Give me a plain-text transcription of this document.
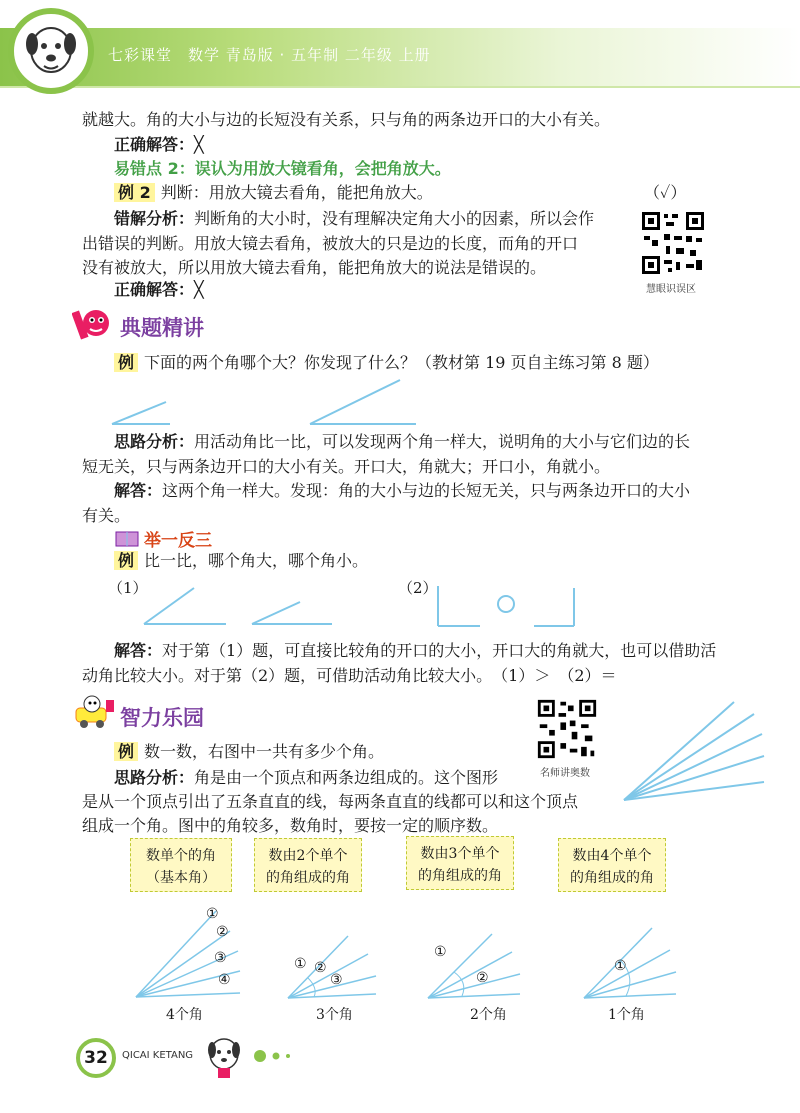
七彩课堂　数学 青岛版 · 五年制 二年级 上册
就越大。角的大小与边的长短没有关系，只与角的两条边开口的大小有关。
正确解答：╳
易错点 2：误认为用放大镜看角，会把角放大。
例 2 判断：用放大镜去看角，能把角放大。	（✓）
错解分析：判断角的大小时，没有理解决定角大小的因素，所以会作
出错误的判断。用放大镜去看角，被放大的只是边的长度，而角的开口
没有被放大，所以用放大镜去看角，能把角放大的说法是错误的。
正确解答：╳	慧眼识误区
典题精讲
例 下面的两个角哪个大？你发现了什么？（教材第 19 页自主练习第 8 题）
思路分析：用活动角比一比，可以发现两个角一样大，说明角的大小与它们边的长
短无关，只与两条边开口的大小有关。开口大，角就大；开口小，角就小。
解答：这两个角一样大。发现：角的大小与边的长短无关，只与两条边开口的大小
有关。
举一反三
例 比一比，哪个角大，哪个角小。
（1）	（2）
解答：对于第（1）题，可直接比较角的开口的大小，开口大的角就大，也可以借助活
动角比较大小。对于第（2）题，可借助活动角比较大小。　（1）＞　（2）＝
智力乐园
名师讲奥数
例 数一数，右图中一共有多少个角。
思路分析：角是由一个顶点和两条边组成的。这个图形
是从一个顶点引出了五条直直的线，每两条直直的线都可以和这个顶点
组成一个角。图中的角较多，数角时，要按一定的顺序数。
数单个的角
（基本角）
数由2个单个
的角组成的角
数由3个单个
的角组成的角
数由4个单个
的角组成的角
①
②
③
④
① ②
③
①
②
①
4个角	3个角	2个角	1个角
32	QICAI KETANG
